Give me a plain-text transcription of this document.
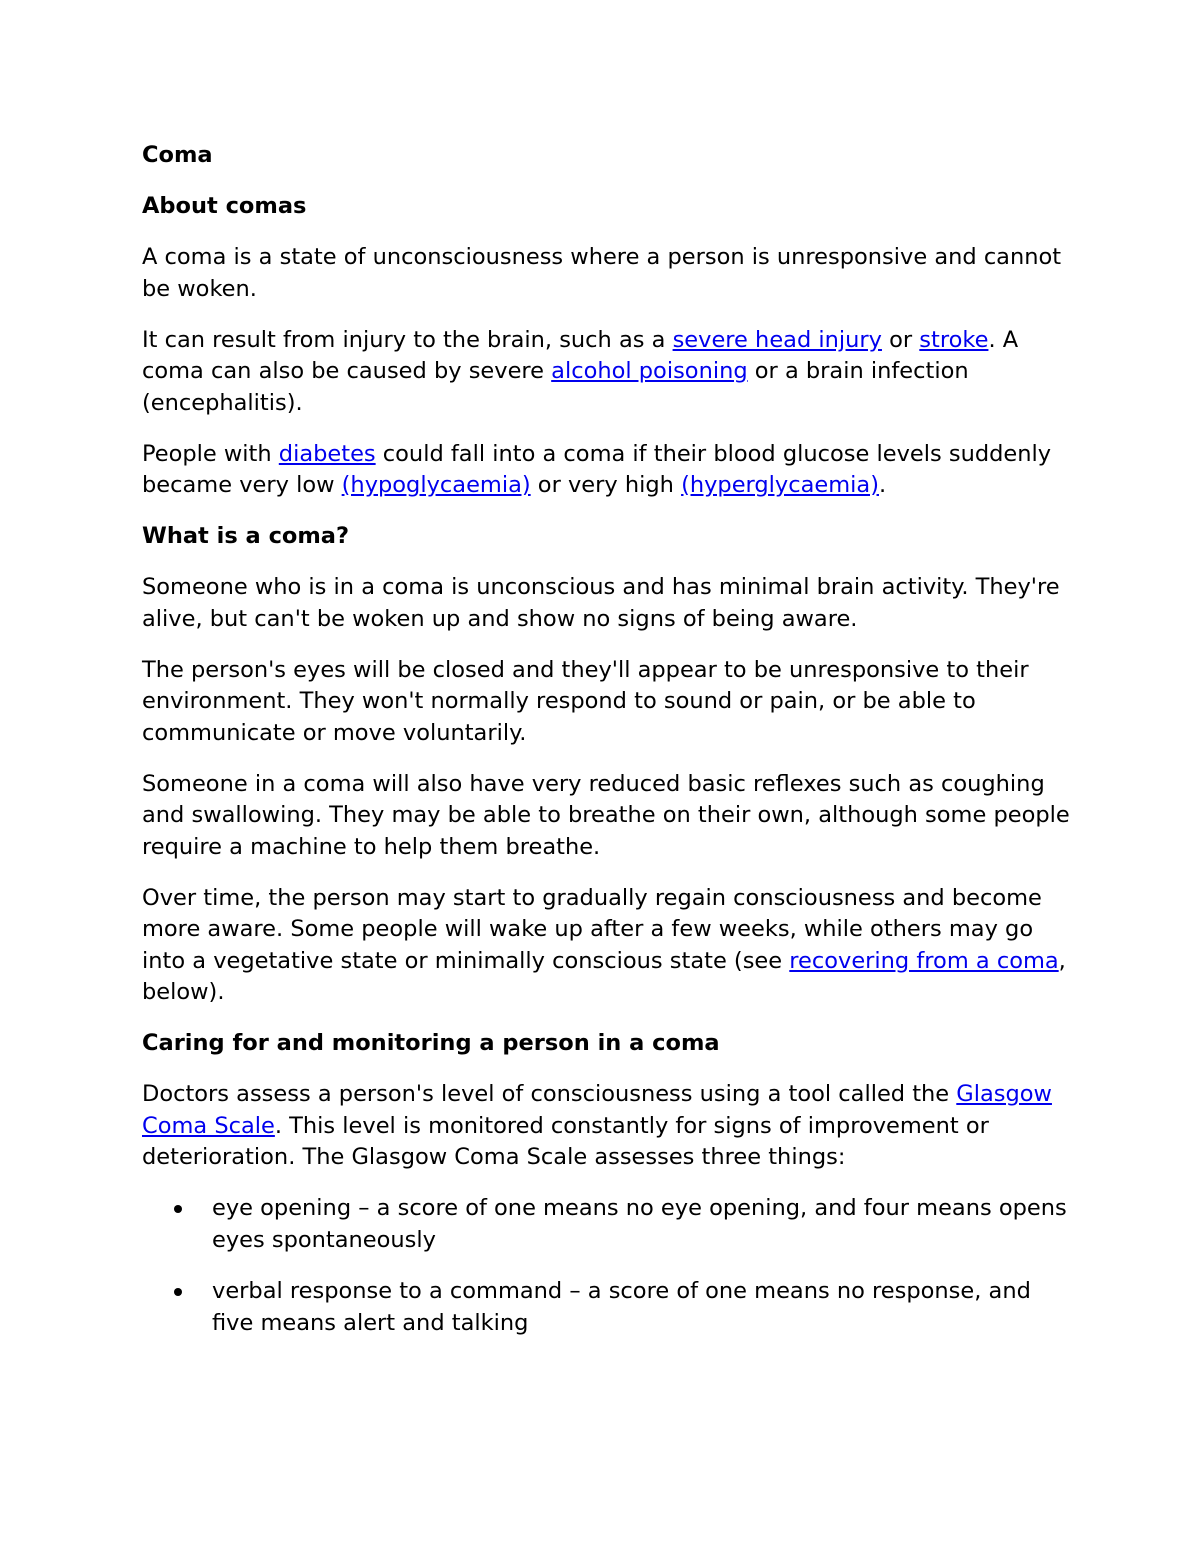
Coma
About comas

A coma is a state of unconsciousness where a person is unresponsive and cannot be woken.

It can result from injury to the brain, such as a severe head injury or stroke. A coma can also be caused by severe alcohol poisoning or a brain infection (encephalitis).

People with diabetes could fall into a coma if their blood glucose levels suddenly became very low (hypoglycaemia) or very high (hyperglycaemia).

What is a coma?

Someone who is in a coma is unconscious and has minimal brain activity. They're alive, but can't be woken up and show no signs of being aware.

The person's eyes will be closed and they'll appear to be unresponsive to their environment. They won't normally respond to sound or pain, or be able to communicate or move voluntarily.

Someone in a coma will also have very reduced basic reflexes such as coughing and swallowing. They may be able to breathe on their own, although some people require a machine to help them breathe.

Over time, the person may start to gradually regain consciousness and become more aware. Some people will wake up after a few weeks, while others may go into a vegetative state or minimally conscious state (see recovering from a coma, below).

Caring for and monitoring a person in a coma

Doctors assess a person's level of consciousness using a tool called the Glasgow Coma Scale. This level is monitored constantly for signs of improvement or deterioration. The Glasgow Coma Scale assesses three things:

eye opening – a score of one means no eye opening, and four means opens eyes spontaneously
verbal response to a command – a score of one means no response, and five means alert and talking
